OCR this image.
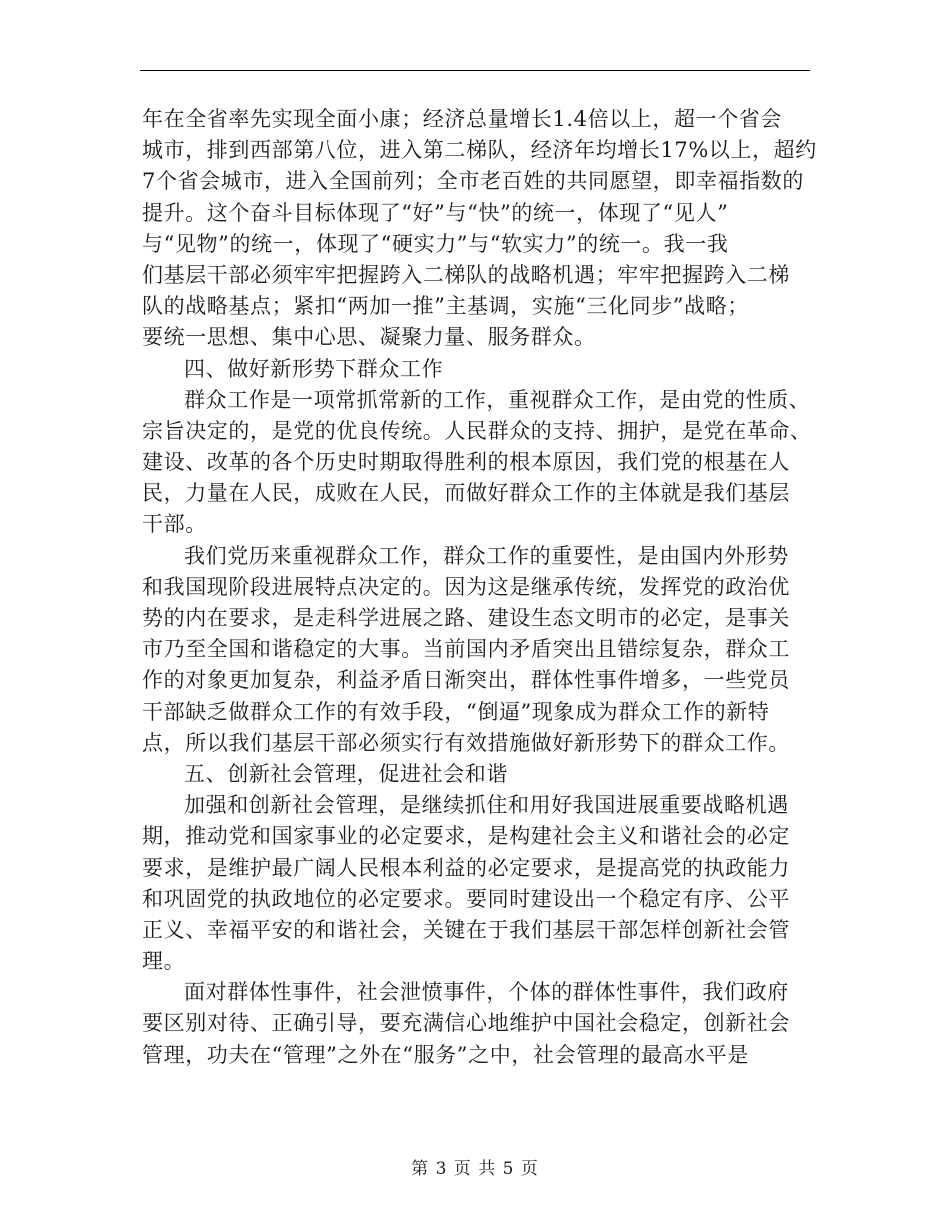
年在全省率先实现全面小康；经济总量增长1.4倍以上，超一个省会
城市，排到西部第八位，进入第二梯队，经济年均增长17%以上，超约
7个省会城市，进入全国前列；全市老百姓的共同愿望，即幸福指数的
提升。这个奋斗目标体现了“好”与“快”的统一，体现了“见人”
与“见物”的统一，体现了“硬实力”与“软实力”的统一。我一我
们基层干部必须牢牢把握跨入二梯队的战略机遇；牢牢把握跨入二梯
队的战略基点；紧扣“两加一推”主基调，实施“三化同步”战略；
要统一思想、集中心思、凝聚力量、服务群众。
四、做好新形势下群众工作
群众工作是一项常抓常新的工作，重视群众工作，是由党的性质、
宗旨决定的，是党的优良传统。人民群众的支持、拥护，是党在革命、
建设、改革的各个历史时期取得胜利的根本原因，我们党的根基在人
民，力量在人民，成败在人民，而做好群众工作的主体就是我们基层
干部。
我们党历来重视群众工作，群众工作的重要性，是由国内外形势
和我国现阶段进展特点决定的。因为这是继承传统，发挥党的政治优
势的内在要求，是走科学进展之路、建设生态文明市的必定，是事关
市乃至全国和谐稳定的大事。当前国内矛盾突出且错综复杂，群众工
作的对象更加复杂，利益矛盾日渐突出，群体性事件增多，一些党员
干部缺乏做群众工作的有效手段，“倒逼”现象成为群众工作的新特
点，所以我们基层干部必须实行有效措施做好新形势下的群众工作。
五、创新社会管理，促进社会和谐
加强和创新社会管理，是继续抓住和用好我国进展重要战略机遇
期，推动党和国家事业的必定要求，是构建社会主义和谐社会的必定
要求，是维护最广阔人民根本利益的必定要求，是提高党的执政能力
和巩固党的执政地位的必定要求。要同时建设出一个稳定有序、公平
正义、幸福平安的和谐社会，关键在于我们基层干部怎样创新社会管
理。
面对群体性事件，社会泄愤事件，个体的群体性事件，我们政府
要区别对待、正确引导，要充满信心地维护中国社会稳定，创新社会
管理，功夫在“管理”之外在“服务”之中，社会管理的最高水平是
第 3 页 共 5 页
